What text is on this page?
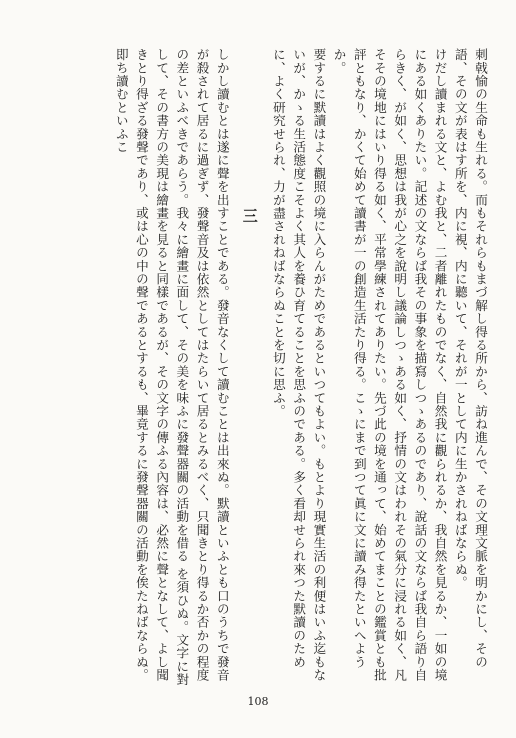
刺戟愉の生命も生れる。而もそれらもまづ解し得る所から、訪ね進んで、その文理文脈を明かにし、その語、その文が表はす所を、内に視、内に聽いて、それが一として内に生かされねばならぬ。

けだし讀まれる文と、よむ我と、二者離れたものでなく、自然我に觀られるか、我自然を見るか、一如の境にある如くありたい。記述の文ならば我その事象を描寫しつゝあるのであり、說話の文ならば我自ら語り自らきく、が如く、思想は我が心之を說明し議論しつゝある如く、抒情の文はわれその氣分に浸れる如く、凡そその境地にはいり得る如く、平常學練されてありたい。先づ此の境を通って、始めてまことの鑑賞とも批評ともなり、かくて始めて讀書が一の創造生活たり得る。こゝにまで到つて眞に文に讀み得たといへようか。

要するに默讀はよく觀照の境に入らんがためであるといつてもよい。もとより現實生活の利便はいふ迄もないが、かゝる生活態度こそよく其人を養ひ育てることを思ふのである。多く看却せられ來つた默讀のために、よく研究せられ、力が盡されねばならぬことを切に思ふ。

三

しかし讀むとは遂に聲を出すことである。發音なくして讀むことは出來ぬ。默讀といふとも口のうちで發音が殺されて居るに過ぎず、發聲音及は依然としてはたらいて居るとみるべく、只聞きとり得るか否かの程度の差といふべきであらう。我々に繪畫に面して、その美を味ふに發聲器關の活動を借る を須ひぬ。文字に對して、その書方の美現は繪畫を見ると同樣であるが、その文字の傳ふる內容は、必然に聲となして、よし聞きとり得ざる發聲であり、或は心の中の聲であるとするも、畢竟するに發聲器關の活動を俟たねばならぬ。即ち讀むといふこ

108
